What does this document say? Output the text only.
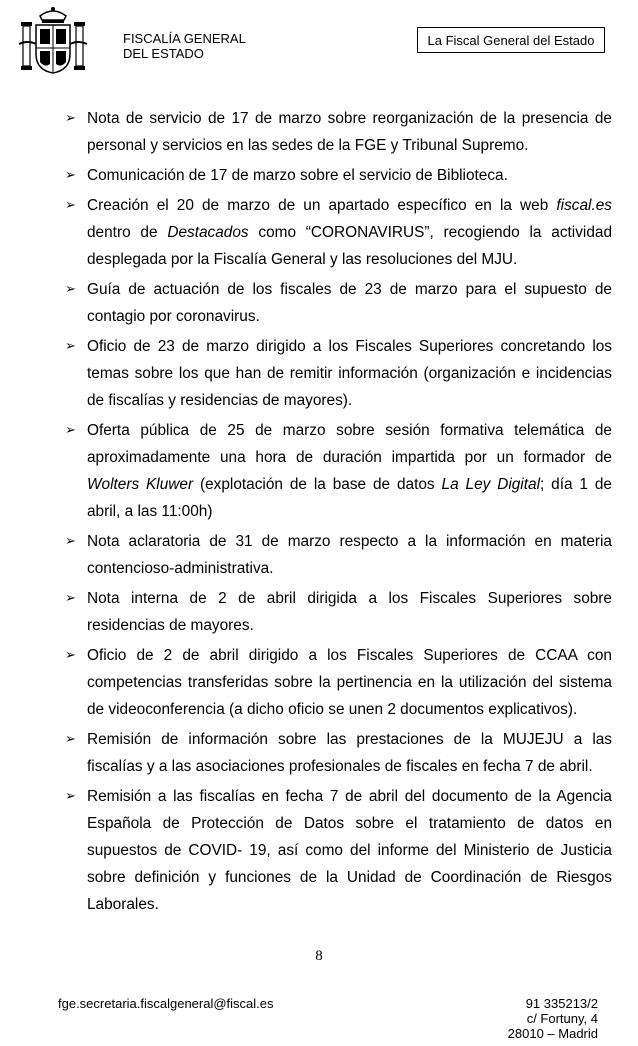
FISCALÍA GENERAL
DEL ESTADO
La Fiscal General del Estado
➢ Nota de servicio de 17 de marzo sobre reorganización de la presencia de personal y servicios en las sedes de la FGE y Tribunal Supremo.
➢ Comunicación de 17 de marzo sobre el servicio de Biblioteca.
➢ Creación el 20 de marzo de un apartado específico en la web fiscal.es dentro de Destacados como “CORONAVIRUS”, recogiendo la actividad desplegada por la Fiscalía General y las resoluciones del MJU.
➢ Guía de actuación de los fiscales de 23 de marzo para el supuesto de contagio por coronavirus.
➢ Oficio de 23 de marzo dirigido a los Fiscales Superiores concretando los temas sobre los que han de remitir información (organización e incidencias de fiscalías y residencias de mayores).
➢ Oferta pública de 25 de marzo sobre sesión formativa telemática de aproximadamente una hora de duración impartida por un formador de Wolters Kluwer (explotación de la base de datos La Ley Digital; día 1 de abril, a las 11:00h)
➢ Nota aclaratoria de 31 de marzo respecto a la información en materia contencioso-administrativa.
➢ Nota interna de 2 de abril dirigida a los Fiscales Superiores sobre residencias de mayores.
➢ Oficio de 2 de abril dirigido a los Fiscales Superiores de CCAA con competencias transferidas sobre la pertinencia en la utilización del sistema de videoconferencia (a dicho oficio se unen 2 documentos explicativos).
➢ Remisión de información sobre las prestaciones de la MUJEJU a las fiscalías y a las asociaciones profesionales de fiscales en fecha 7 de abril.
➢ Remisión a las fiscalías en fecha 7 de abril del documento de la Agencia Española de Protección de Datos sobre el tratamiento de datos en supuestos de COVID- 19, así como del informe del Ministerio de Justicia sobre definición y funciones de la Unidad de Coordinación de Riesgos Laborales.
8
fge.secretaria.fiscalgeneral@fiscal.es	91 335213/2
c/ Fortuny, 4
28010 – Madrid
